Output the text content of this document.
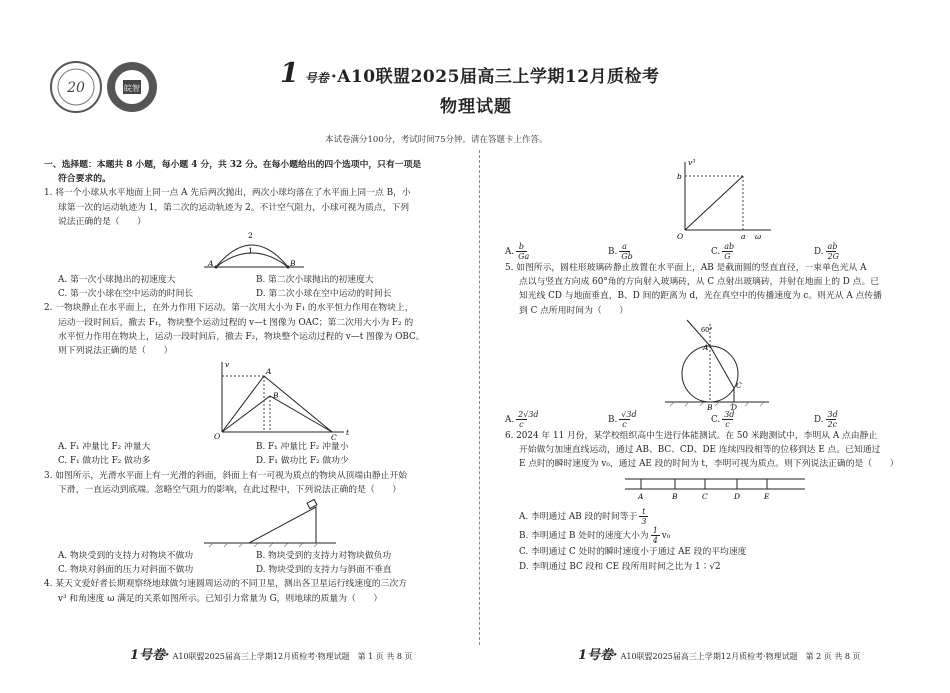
20	皖智	1 号卷 ·A10联盟2025届高三上学期12月质检考
物理试题
本试卷满分100分，考试时间75分钟。请在答题卡上作答。

一、选择题：本题共 8 小题，每小题 4 分，共 32 分。在每小题给出的四个选项中，只有一项是

符合要求的。

1. 将一个小球从水平地面上同一点 A 先后两次抛出，两次小球均落在了水平面上同一点 B，小

球第一次的运动轨迹为 1，第二次的运动轨迹为 2。不计空气阻力，小球可视为质点，下列

说法正确的是（　　）

2
1
A	B
A. 第一次小球抛出的初速度大	B. 第二次小球抛出的初速度大
C. 第一次小球在空中运动的时间长	D. 第二次小球在空中运动的时间长

2. 一物块静止在水平面上，在外力作用下运动。第一次用大小为 F₁ 的水平恒力作用在物块上，

运动一段时间后，撤去 F₁，物块整个运动过程的 v—t 图像为 OAC；第二次用大小为 F₂ 的

水平恒力作用在物块上，运动一段时间后，撤去 F₂，物块整个运动过程的 v—t 图像为 OBC。

则下列说法正确的是（　　）

v
t
O
A
B
C
A. F₁ 冲量比 F₂ 冲量大	B. F₁ 冲量比 F₂ 冲量小
C. F₁ 做功比 F₂ 做功多	D. F₁ 做功比 F₂ 做功少

3. 如图所示，光滑水平面上有一光滑的斜面，斜面上有一可视为质点的物块从顶端由静止开始

下滑，一直运动到底端。忽略空气阻力的影响，在此过程中，下列说法正确的是（　　）

A. 物块受到的支持力对物块不做功	B. 物块受到的支持力对物块做负功
C. 物块对斜面的压力对斜面不做功	D. 物块受到的支持力与斜面不垂直

4. 某天文爱好者长期观察绕地球做匀速圆周运动的不同卫星，测出各卫星运行线速度的三次方

v³ 和角速度 ω 满足的关系如图所示。已知引力常量为 G，则地球的质量为（　　）

v³
b
a
O	ω
A. $\frac{b}{Ga}$	B. $\frac{a}{Gb}$	C. $\frac{ab}{G}$	D. $\frac{ab}{2G}$

5. 如图所示，圆柱形玻璃砖静止放置在水平面上，AB 是截面圆的竖直直径，一束单色光从 A

点以与竖直方向成 60°角的方向射入玻璃砖，从 C 点射出玻璃砖，并射在地面上的 D 点。已

知光线 CD 与地面垂直，B、D 间的距离为 d，光在真空中的传播速度为 c。则光从 A 点传播

到 C 点所用时间为（　　）

60°
A
B
C
D
A. $\frac{2√3d}{c}$	B. $\frac{√3d}{c}$	C. $\frac{3d}{c}$	D. $\frac{3d}{2c}$

6. 2024 年 11 月份，某学校组织高中生进行体能测试。在 50 米跑测试中，李明从 A 点由静止

开始做匀加速直线运动，通过 AB、BC、CD、DE 连续四段相等的位移到达 E 点。已知通过

E 点时的瞬时速度为 v₀，通过 AE 段的时间为 t，李明可视为质点。则下列说法正确的是（　　）

A	B	C	D	E

A. 李明通过 AB 段的时间等于 $\frac{t}{3}$

B. 李明通过 B 处时的速度大小为 $\frac{1}{4} v_0$

C. 李明通过 C 处时的瞬时速度小于通过 AE 段的平均速度

D. 李明通过 BC 段和 CE 段所用时间之比为 1∶√2

1号卷· A10联盟2025届高三上学期12月质检考·物理试题　第 1 页 共 8 页	1号卷· A10联盟2025届高三上学期12月质检考·物理试题　第 2 页 共 8 页
